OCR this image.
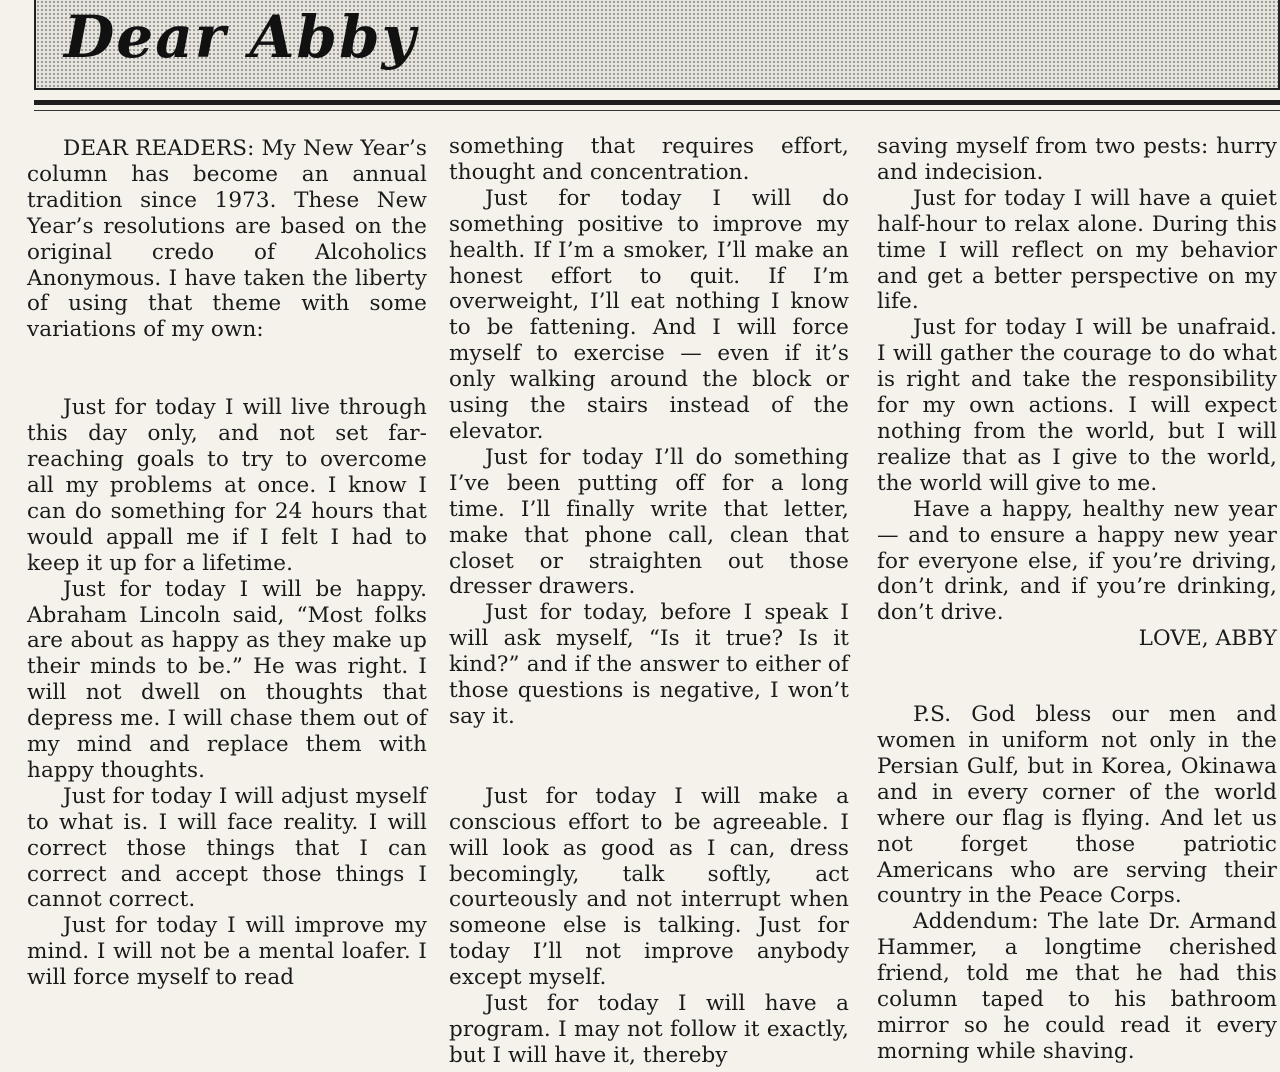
Dear Abby

DEAR READERS: My New Year’s column has become an annual tradition since 1973. These New Year’s resolutions are based on the original credo of Alcoholics Anonymous. I have taken the liberty of using that theme with some variations of my own:

Just for today I will live through this day only, and not set far-reaching goals to try to overcome all my problems at once. I know I can do something for 24 hours that would appall me if I felt I had to keep it up for a lifetime.

Just for today I will be happy. Abraham Lincoln said, “Most folks are about as happy as they make up their minds to be.” He was right. I will not dwell on thoughts that depress me. I will chase them out of my mind and replace them with happy thoughts.

Just for today I will adjust myself to what is. I will face reality. I will correct those things that I can correct and accept those things I cannot correct.

Just for today I will improve my mind. I will not be a mental loafer. I will force myself to read

something that requires effort, thought and concentration.

Just for today I will do something positive to improve my health. If I’m a smoker, I’ll make an honest effort to quit. If I’m overweight, I’ll eat nothing I know to be fattening. And I will force myself to exercise — even if it’s only walking around the block or using the stairs instead of the elevator.

Just for today I’ll do something I’ve been putting off for a long time. I’ll finally write that letter, make that phone call, clean that closet or straighten out those dresser drawers.

Just for today, before I speak I will ask myself, “Is it true? Is it kind?” and if the answer to either of those questions is negative, I won’t say it.

Just for today I will make a conscious effort to be agreeable. I will look as good as I can, dress becomingly, talk softly, act courteously and not interrupt when someone else is talking. Just for today I’ll not improve anybody except myself.

Just for today I will have a program. I may not follow it exactly, but I will have it, thereby

saving myself from two pests: hurry and indecision.

Just for today I will have a quiet half-hour to relax alone. During this time I will reflect on my behavior and get a better perspective on my life.

Just for today I will be unafraid. I will gather the courage to do what is right and take the responsibility for my own actions. I will expect nothing from the world, but I will realize that as I give to the world, the world will give to me.

Have a happy, healthy new year — and to ensure a happy new year for everyone else, if you’re driving, don’t drink, and if you’re drinking, don’t drive.

LOVE, ABBY

P.S. God bless our men and women in uniform not only in the Persian Gulf, but in Korea, Okinawa and in every corner of the world where our flag is flying. And let us not forget those patriotic Americans who are serving their country in the Peace Corps.

Addendum: The late Dr. Armand Hammer, a longtime cherished friend, told me that he had this column taped to his bathroom mirror so he could read it every morning while shaving.
